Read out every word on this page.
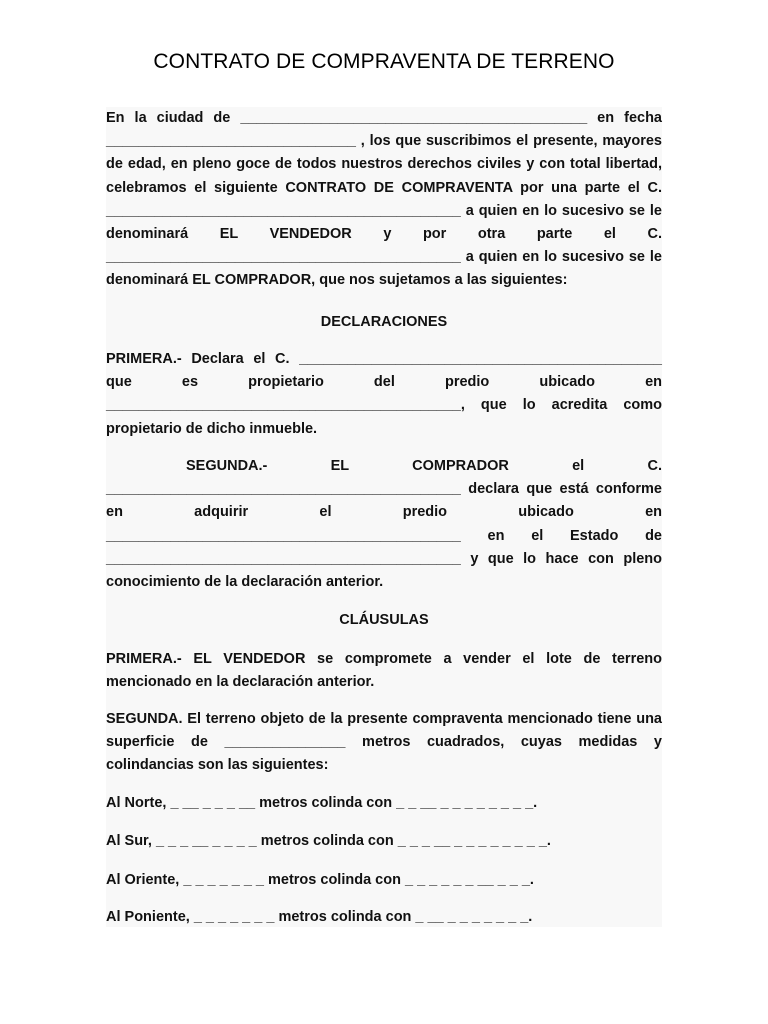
CONTRATO DE COMPRAVENTA DE TERRENO

En la ciudad de ___________________________________________ en fecha _______________________________ , los que suscribimos el presente, mayores de edad, en pleno goce de todos nuestros derechos civiles y con total libertad, celebramos el siguiente CONTRATO DE COMPRAVENTA por una parte el C. ____________________________________________ a quien en lo sucesivo se le denominará EL VENDEDOR y por otra parte el C. ____________________________________________ a quien en lo sucesivo se le denominará EL COMPRADOR, que nos sujetamos a las siguientes:

DECLARACIONES

PRIMERA.- Declara el C. _____________________________________________ que es propietario del predio ubicado en ____________________________________________, que lo acredita como propietario de dicho inmueble.

SEGUNDA.- EL COMPRADOR el C. ____________________________________________ declara que está conforme en adquirir el predio ubicado en ____________________________________________ en el Estado de ____________________________________________ y que lo hace con pleno conocimiento de la declaración anterior.

CLÁUSULAS

PRIMERA.- EL VENDEDOR se compromete a vender el lote de terreno mencionado en la declaración anterior.

SEGUNDA. El terreno objeto de la presente compraventa mencionado tiene una superficie de _______________ metros cuadrados, cuyas medidas y colindancias son las siguientes:

Al Norte, _ __ _ _ _ __ metros colinda con _ _ __ _ _ _ _ _ _ _ _.

Al Sur, _ _ _ __ _ _ _ _ metros colinda con _ _ _ __ _ _ _ _ _ _ _ _.

Al Oriente, _ _ _ _ _ _ _ metros colinda con _ _ _ _ _ _ __ _ _ _.

Al Poniente, _ _ _ _ _ _ _ metros colinda con _ __ _ _ _ _ _ _ _.
